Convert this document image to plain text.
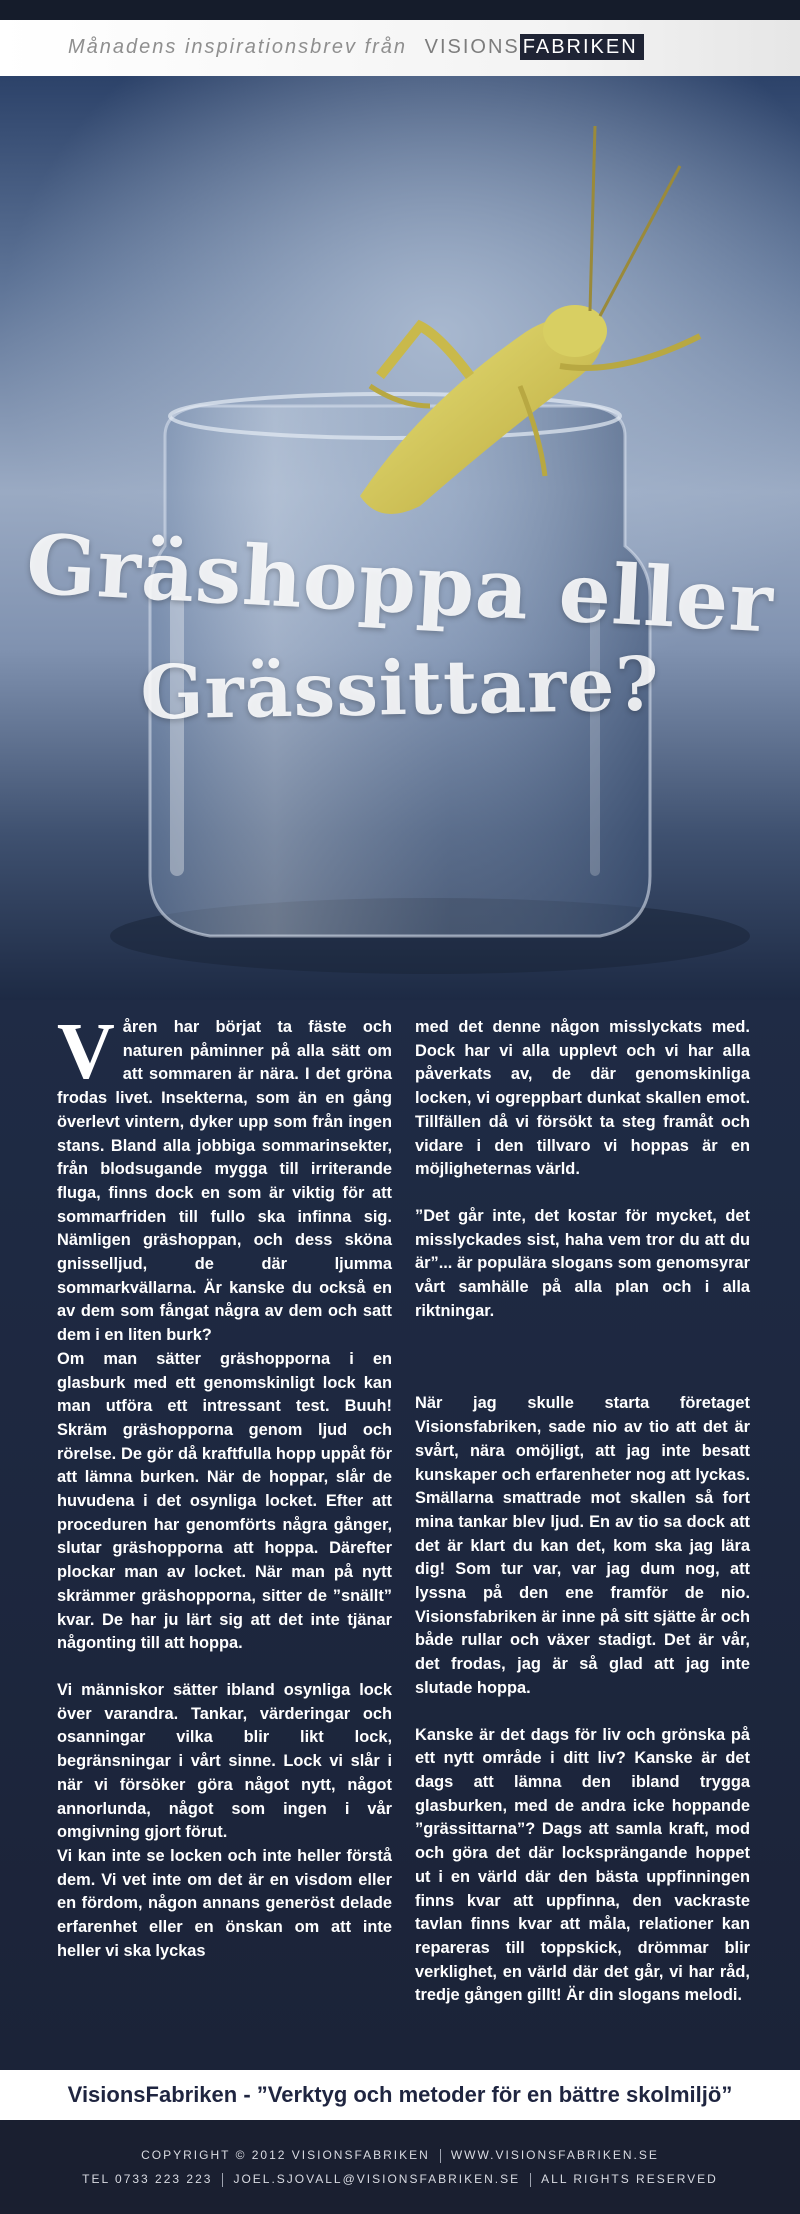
Månadens inspirationsbrev från VISIONS FABRIKEN
Gräshoppa eller
Grässittare?

Våren har börjat ta fäste och naturen påminner på alla sätt om att sommaren är nära. I det gröna frodas livet. Insekterna, som än en gång överlevt vintern, dyker upp som från ingen stans. Bland alla jobbiga sommarinsekter, från blodsugande mygga till irriterande fluga, finns dock en som är viktig för att sommarfriden till fullo ska infinna sig. Nämligen gräshoppan, och dess sköna gnisselljud, de där ljumma sommarkvällarna. Är kanske du också en av dem som fångat några av dem och satt dem i en liten burk?

Om man sätter gräshopporna i en glasburk med ett genomskinligt lock kan man utföra ett intressant test. Buuh! Skräm gräshopporna genom ljud och rörelse. De gör då kraftfulla hopp uppåt för att lämna burken. När de hoppar, slår de huvudena i det osynliga locket. Efter att proceduren har genomförts några gånger, slutar gräshopporna att hoppa. Därefter plockar man av locket. När man på nytt skrämmer gräshopporna, sitter de ”snällt” kvar. De har ju lärt sig att det inte tjänar någonting till att hoppa.

Vi människor sätter ibland osynliga lock över varandra. Tankar, värderingar och osanningar vilka blir likt lock, begränsningar i vårt sinne. Lock vi slår i när vi försöker göra något nytt, något annorlunda, något som ingen i vår omgivning gjort förut.

Vi kan inte se locken och inte heller förstå dem. Vi vet inte om det är en visdom eller en fördom, någon annans generöst delade erfarenhet eller en önskan om att inte heller vi ska lyckas

med det denne någon misslyckats med. Dock har vi alla upplevt och vi har alla påverkats av, de där genomskinliga locken, vi ogreppbart dunkat skallen emot. Tillfällen då vi försökt ta steg framåt och vidare i den tillvaro vi hoppas är en möjligheternas värld.

”Det går inte, det kostar för mycket, det misslyckades sist, haha vem tror du att du är”... är populära slogans som genomsyrar vårt samhälle på alla plan och i alla riktningar.

När jag skulle starta företaget Visionsfabriken, sade nio av tio att det är svårt, nära omöjligt, att jag inte besatt kunskaper och erfarenheter nog att lyckas. Smällarna smattrade mot skallen så fort mina tankar blev ljud. En av tio sa dock att det är klart du kan det, kom ska jag lära dig! Som tur var, var jag dum nog, att lyssna på den ene framför de nio. Visionsfabriken är inne på sitt sjätte år och både rullar och växer stadigt. Det är vår, det frodas, jag är så glad att jag inte slutade hoppa.

Kanske är det dags för liv och grönska på ett nytt område i ditt liv? Kanske är det dags att lämna den ibland trygga glasburken, med de andra icke hoppande ”grässittarna”? Dags att samla kraft, mod och göra det där locksprängande hoppet ut i en värld där den bästa uppfinningen finns kvar att uppfinna, den vackraste tavlan finns kvar att måla, relationer kan repareras till toppskick, drömmar blir verklighet, en värld där det går, vi har råd, tredje gången gillt! Är din slogans melodi.

VisionsFabriken - ”Verktyg och metoder för en bättre skolmiljö”
COPYRIGHT © 2012 VISIONSFABRIKEN WWW.VISIONSFABRIKEN.SE
TEL 0733 223 223 JOEL.SJOVALL@VISIONSFABRIKEN.SE ALL RIGHTS RESERVED
